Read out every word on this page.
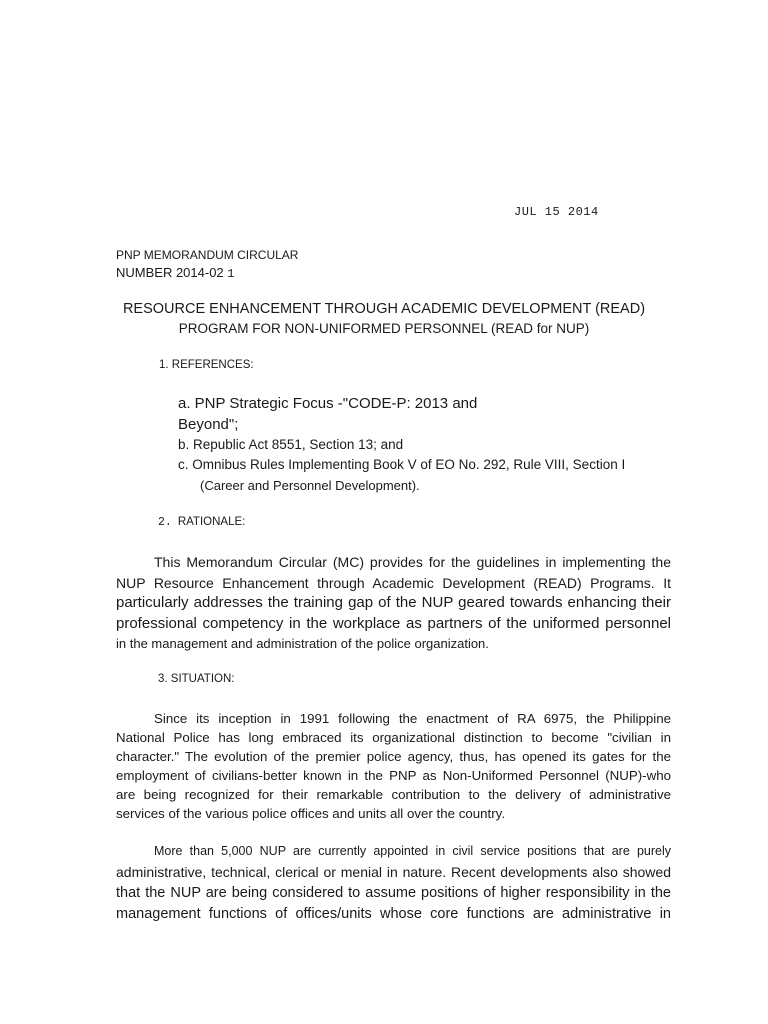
JUL 15 2014
PNP MEMORANDUM CIRCULAR
NUMBER 2014-02 1
RESOURCE ENHANCEMENT THROUGH ACADEMIC DEVELOPMENT (READ)
PROGRAM FOR NON-UNIFORMED PERSONNEL (READ for NUP)
1. REFERENCES:
a. PNP Strategic Focus -"CODE-P: 2013 and
Beyond";
b. Republic Act 8551, Section 13; and
c. Omnibus Rules Implementing Book V of EO No. 292, Rule VIII, Section I
(Career and Personnel Development).
2. RATIONALE:
This Memorandum Circular (MC) provides for the guidelines in implementing the
NUP Resource Enhancement through Academic Development (READ) Programs. It
particularly addresses the training gap of the NUP geared towards enhancing their
professional competency in the workplace as partners of the uniformed personnel
in the management and administration of the police organization.
3. SITUATION:
Since its inception in 1991 following the enactment of RA 6975, the Philippine
National Police has long embraced its organizational distinction to become "civilian in
character." The evolution of the premier police agency, thus, has opened its gates for the
employment of civilians-better known in the PNP as Non-Uniformed Personnel (NUP)-who
are being recognized for their remarkable contribution to the delivery of administrative
services of the various police offices and units all over the country.
More than 5,000 NUP are currently appointed in civil service positions that are purely
administrative, technical, clerical or menial in nature. Recent developments also showed
that the NUP are being considered to assume positions of higher responsibility in the
management functions of offices/units whose core functions are administrative in
